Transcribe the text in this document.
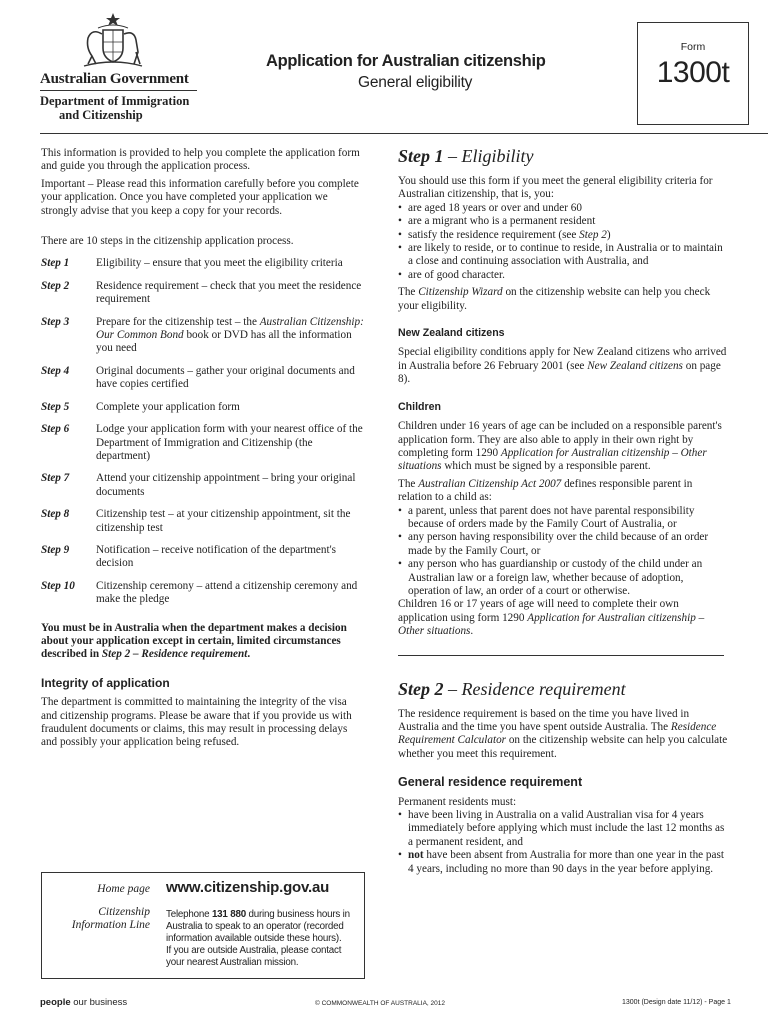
Australian Government
Department of Immigration
and Citizenship
Application for Australian citizenship
General eligibility
Form
1300t

This information is provided to help you complete the application form and guide you through the application process.

Important – Please read this information carefully before you complete your application. Once you have completed your application we strongly advise that you keep a copy for your records.

There are 10 steps in the citizenship application process.

Step 1	Eligibility – ensure that you meet the eligibility criteria
Step 2	Residence requirement – check that you meet the residence requirement
Step 3	Prepare for the citizenship test – the Australian Citizenship: Our Common Bond book or DVD has all the information you need
Step 4	Original documents – gather your original documents and have copies certified
Step 5	Complete your application form
Step 6	Lodge your application form with your nearest office of the Department of Immigration and Citizenship (the department)
Step 7	Attend your citizenship appointment – bring your original documents
Step 8	Citizenship test – at your citizenship appointment, sit the citizenship test
Step 9	Notification – receive notification of the department's decision
Step 10	Citizenship ceremony – attend a citizenship ceremony and make the pledge

You must be in Australia when the department makes a decision about your application except in certain, limited circumstances described in Step 2 – Residence requirement.

Integrity of application

The department is committed to maintaining the integrity of the visa and citizenship programs. Please be aware that if you provide us with fraudulent documents or claims, this may result in processing delays and possibly your application being refused.

Home page www.citizenship.gov.au
Citizenship
Information Line
Telephone 131 880 during business hours in Australia to speak to an operator (recorded information available outside these hours).
If you are outside Australia, please contact your nearest Australian mission.
Step 1 – Eligibility

You should use this form if you meet the general eligibility criteria for Australian citizenship, that is, you:

• are aged 18 years or over and under 60
• are a migrant who is a permanent resident
• satisfy the residence requirement (see Step 2)
• are likely to reside, or to continue to reside, in Australia or to maintain a close and continuing association with Australia, and
• are of good character.

The Citizenship Wizard on the citizenship website can help you check your eligibility.

New Zealand citizens

Special eligibility conditions apply for New Zealand citizens who arrived in Australia before 26 February 2001 (see New Zealand citizens on page 8).

Children

Children under 16 years of age can be included on a responsible parent's application form. They are also able to apply in their own right by completing form 1290 Application for Australian citizenship – Other situations which must be signed by a responsible parent.

The Australian Citizenship Act 2007 defines responsible parent in relation to a child as:

• a parent, unless that parent does not have parental responsibility because of orders made by the Family Court of Australia, or
• any person having responsibility over the child because of an order made by the Family Court, or
• any person who has guardianship or custody of the child under an Australian law or a foreign law, whether because of adoption, operation of law, an order of a court or otherwise.

Children 16 or 17 years of age will need to complete their own application using form 1290 Application for Australian citizenship – Other situations.

Step 2 – Residence requirement

The residence requirement is based on the time you have lived in Australia and the time you have spent outside Australia. The Residence Requirement Calculator on the citizenship website can help you calculate whether you meet this requirement.

General residence requirement

Permanent residents must:

• have been living in Australia on a valid Australian visa for 4 years immediately before applying which must include the last 12 months as a permanent resident, and
• not have been absent from Australia for more than one year in the past 4 years, including no more than 90 days in the year before applying.
people our business	© COMMONWEALTH OF AUSTRALIA, 2012	1300t (Design date 11/12) - Page 1
